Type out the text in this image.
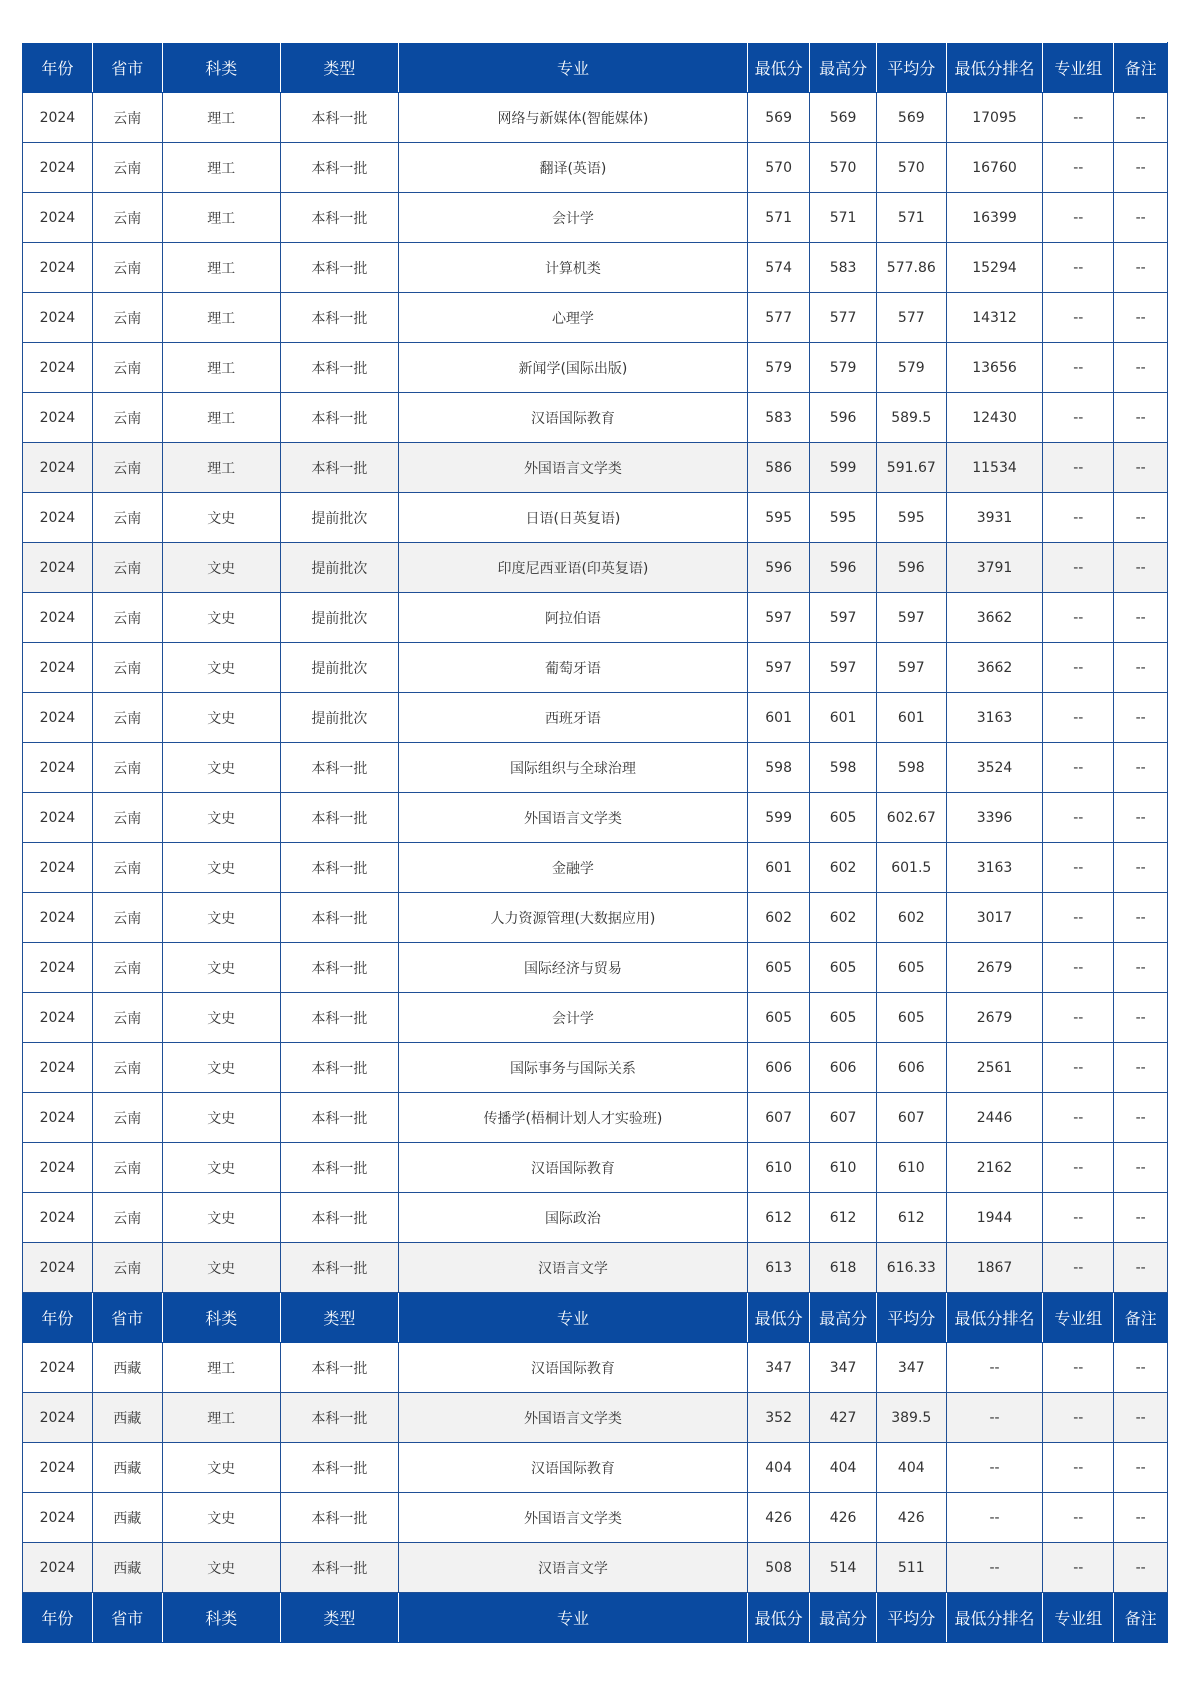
年份	省市	科类	类型	专业	最低分	最高分	平均分	最低分排名	专业组	备注
2024	云南	理工	本科一批	网络与新媒体(智能媒体)	569	569	569	17095	--	--
2024	云南	理工	本科一批	翻译(英语)	570	570	570	16760	--	--
2024	云南	理工	本科一批	会计学	571	571	571	16399	--	--
2024	云南	理工	本科一批	计算机类	574	583	577.86	15294	--	--
2024	云南	理工	本科一批	心理学	577	577	577	14312	--	--
2024	云南	理工	本科一批	新闻学(国际出版)	579	579	579	13656	--	--
2024	云南	理工	本科一批	汉语国际教育	583	596	589.5	12430	--	--
2024	云南	理工	本科一批	外国语言文学类	586	599	591.67	11534	--	--
2024	云南	文史	提前批次	日语(日英复语)	595	595	595	3931	--	--
2024	云南	文史	提前批次	印度尼西亚语(印英复语)	596	596	596	3791	--	--
2024	云南	文史	提前批次	阿拉伯语	597	597	597	3662	--	--
2024	云南	文史	提前批次	葡萄牙语	597	597	597	3662	--	--
2024	云南	文史	提前批次	西班牙语	601	601	601	3163	--	--
2024	云南	文史	本科一批	国际组织与全球治理	598	598	598	3524	--	--
2024	云南	文史	本科一批	外国语言文学类	599	605	602.67	3396	--	--
2024	云南	文史	本科一批	金融学	601	602	601.5	3163	--	--
2024	云南	文史	本科一批	人力资源管理(大数据应用)	602	602	602	3017	--	--
2024	云南	文史	本科一批	国际经济与贸易	605	605	605	2679	--	--
2024	云南	文史	本科一批	会计学	605	605	605	2679	--	--
2024	云南	文史	本科一批	国际事务与国际关系	606	606	606	2561	--	--
2024	云南	文史	本科一批	传播学(梧桐计划人才实验班)	607	607	607	2446	--	--
2024	云南	文史	本科一批	汉语国际教育	610	610	610	2162	--	--
2024	云南	文史	本科一批	国际政治	612	612	612	1944	--	--
2024	云南	文史	本科一批	汉语言文学	613	618	616.33	1867	--	--
年份	省市	科类	类型	专业	最低分	最高分	平均分	最低分排名	专业组	备注
2024	西藏	理工	本科一批	汉语国际教育	347	347	347	--	--	--
2024	西藏	理工	本科一批	外国语言文学类	352	427	389.5	--	--	--
2024	西藏	文史	本科一批	汉语国际教育	404	404	404	--	--	--
2024	西藏	文史	本科一批	外国语言文学类	426	426	426	--	--	--
2024	西藏	文史	本科一批	汉语言文学	508	514	511	--	--	--
年份	省市	科类	类型	专业	最低分	最高分	平均分	最低分排名	专业组	备注
